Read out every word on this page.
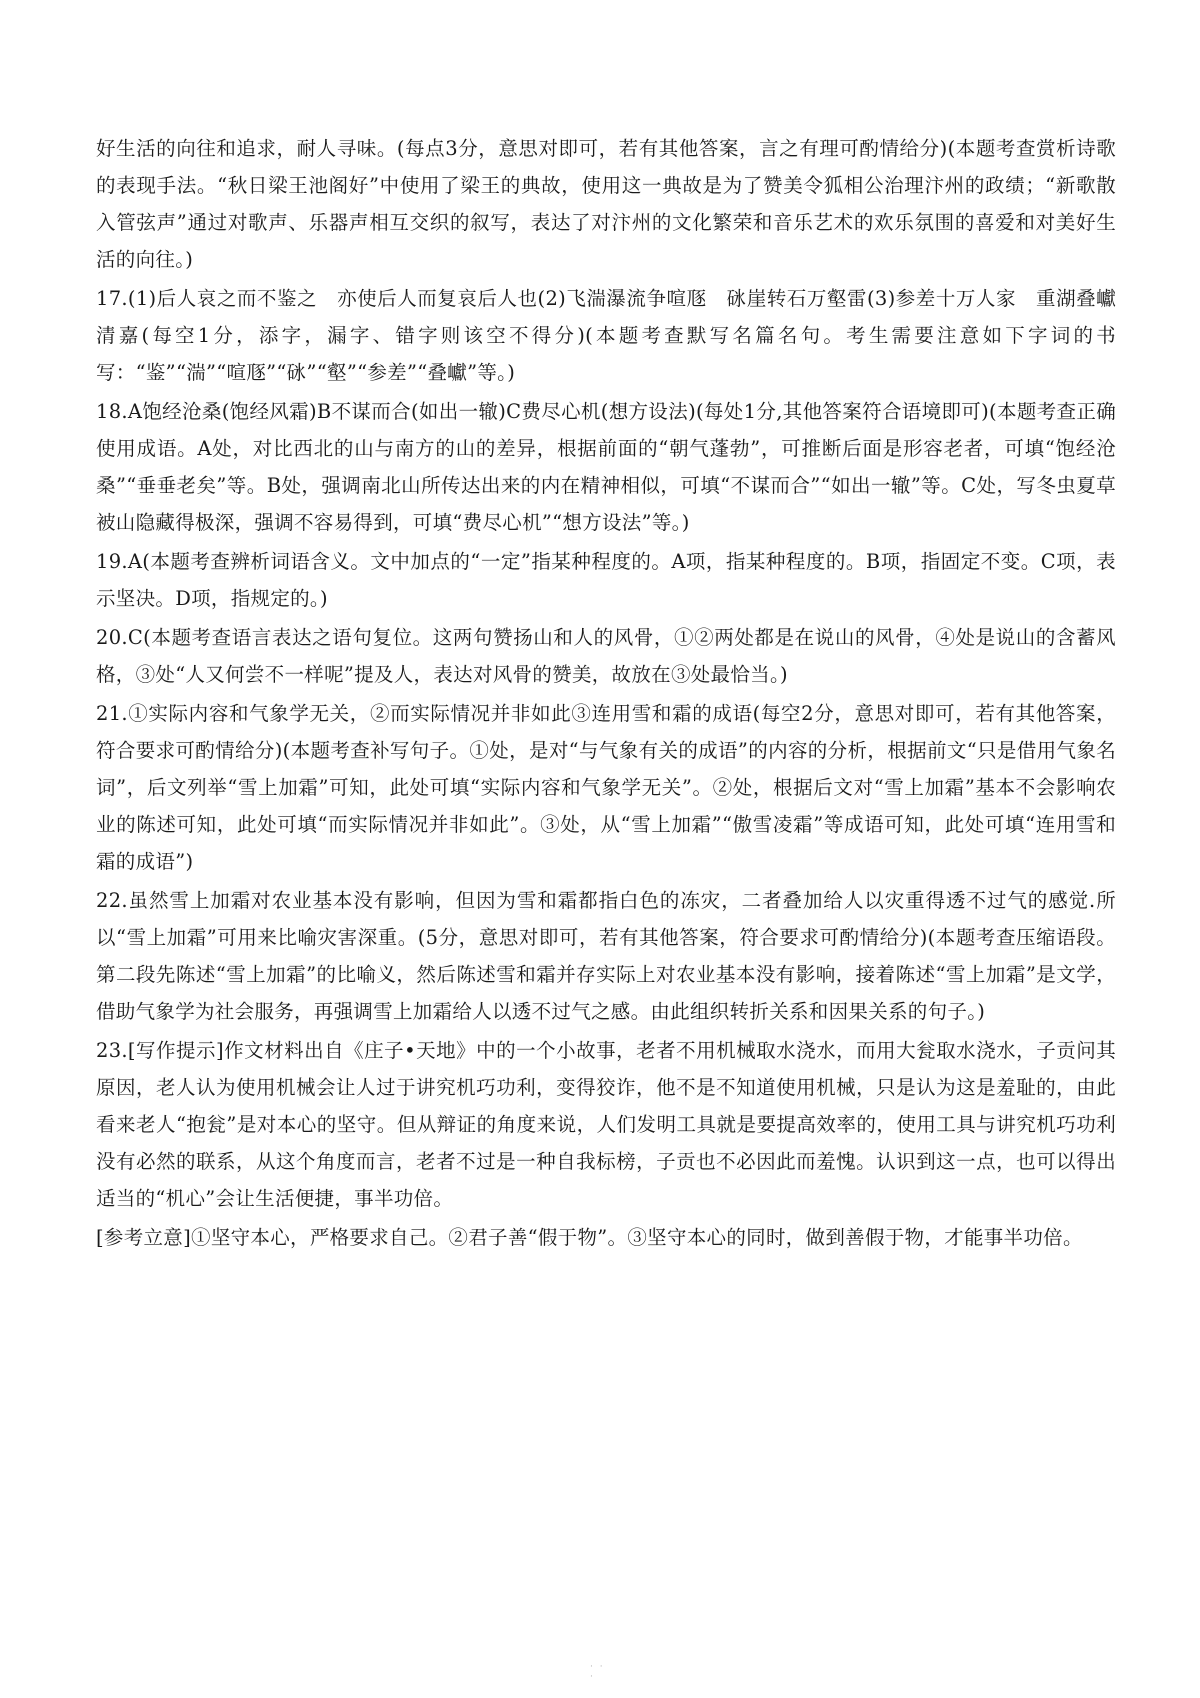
好生活的向往和追求，耐人寻味。(每点3分，意思对即可，若有其他答案，言之有理可酌情给分)(本题考查赏析诗歌的表现手法。“秋日梁王池阁好”中使用了梁王的典故，使用这一典故是为了赞美令狐相公治理汴州的政绩；“新歌散入管弦声”通过对歌声、乐器声相互交织的叙写，表达了对汴州的文化繁荣和音乐艺术的欢乐氛围的喜爱和对美好生活的向往。)

17.(1)后人哀之而不鉴之　亦使后人而复哀后人也(2)飞湍瀑流争喧豗　砯崖转石万壑雷(3)参差十万人家　重湖叠巘清嘉(每空1分，添字，漏字、错字则该空不得分)(本题考查默写名篇名句。考生需要注意如下字词的书写：“鉴”“湍”“喧豗”“砯”“壑”“参差”“叠巘”等。)

18.A饱经沧桑(饱经风霜)B不谋而合(如出一辙)C费尽心机(想方设法)(每处1分,其他答案符合语境即可)(本题考查正确使用成语。A处，对比西北的山与南方的山的差异，根据前面的“朝气蓬勃”，可推断后面是形容老者，可填“饱经沧桑”“垂垂老矣”等。B处，强调南北山所传达出来的内在精神相似，可填“不谋而合”“如出一辙”等。C处，写冬虫夏草被山隐藏得极深，强调不容易得到，可填“费尽心机”“想方设法”等。)

19.A(本题考查辨析词语含义。文中加点的“一定”指某种程度的。A项，指某种程度的。B项，指固定不变。C项，表示坚决。D项，指规定的。)

20.C(本题考查语言表达之语句复位。这两句赞扬山和人的风骨，①②两处都是在说山的风骨，④处是说山的含蓄风格，③处“人又何尝不一样呢”提及人，表达对风骨的赞美，故放在③处最恰当。)

21.①实际内容和气象学无关，②而实际情况并非如此③连用雪和霜的成语(每空2分，意思对即可，若有其他答案，符合要求可酌情给分)(本题考查补写句子。①处，是对“与气象有关的成语”的内容的分析，根据前文“只是借用气象名词”，后文列举“雪上加霜”可知，此处可填“实际内容和气象学无关”。②处，根据后文对“雪上加霜”基本不会影响农业的陈述可知，此处可填“而实际情况并非如此”。③处，从“雪上加霜”“傲雪凌霜”等成语可知，此处可填“连用雪和霜的成语”)

22.虽然雪上加霜对农业基本没有影响，但因为雪和霜都指白色的冻灾，二者叠加给人以灾重得透不过气的感觉.所以“雪上加霜”可用来比喻灾害深重。(5分，意思对即可，若有其他答案，符合要求可酌情给分)(本题考查压缩语段。第二段先陈述“雪上加霜”的比喻义，然后陈述雪和霜并存实际上对农业基本没有影响，接着陈述“雪上加霜”是文学，借助气象学为社会服务，再强调雪上加霜给人以透不过气之感。由此组织转折关系和因果关系的句子。)

23.[写作提示]作文材料出自《庄子•天地》中的一个小故事，老者不用机械取水浇水，而用大瓮取水浇水，子贡问其原因，老人认为使用机械会让人过于讲究机巧功利，变得狡诈，他不是不知道使用机械，只是认为这是羞耻的，由此看来老人“抱瓮”是对本心的坚守。但从辩证的角度来说，人们发明工具就是要提高效率的，使用工具与讲究机巧功利没有必然的联系，从这个角度而言，老者不过是一种自我标榜，子贡也不必因此而羞愧。认识到这一点，也可以得出适当的“机心”会让生活便捷，事半功倍。

[参考立意]①坚守本心，严格要求自己。②君子善“假于物”。③坚守本心的同时，做到善假于物，才能事半功倍。

· · ·
